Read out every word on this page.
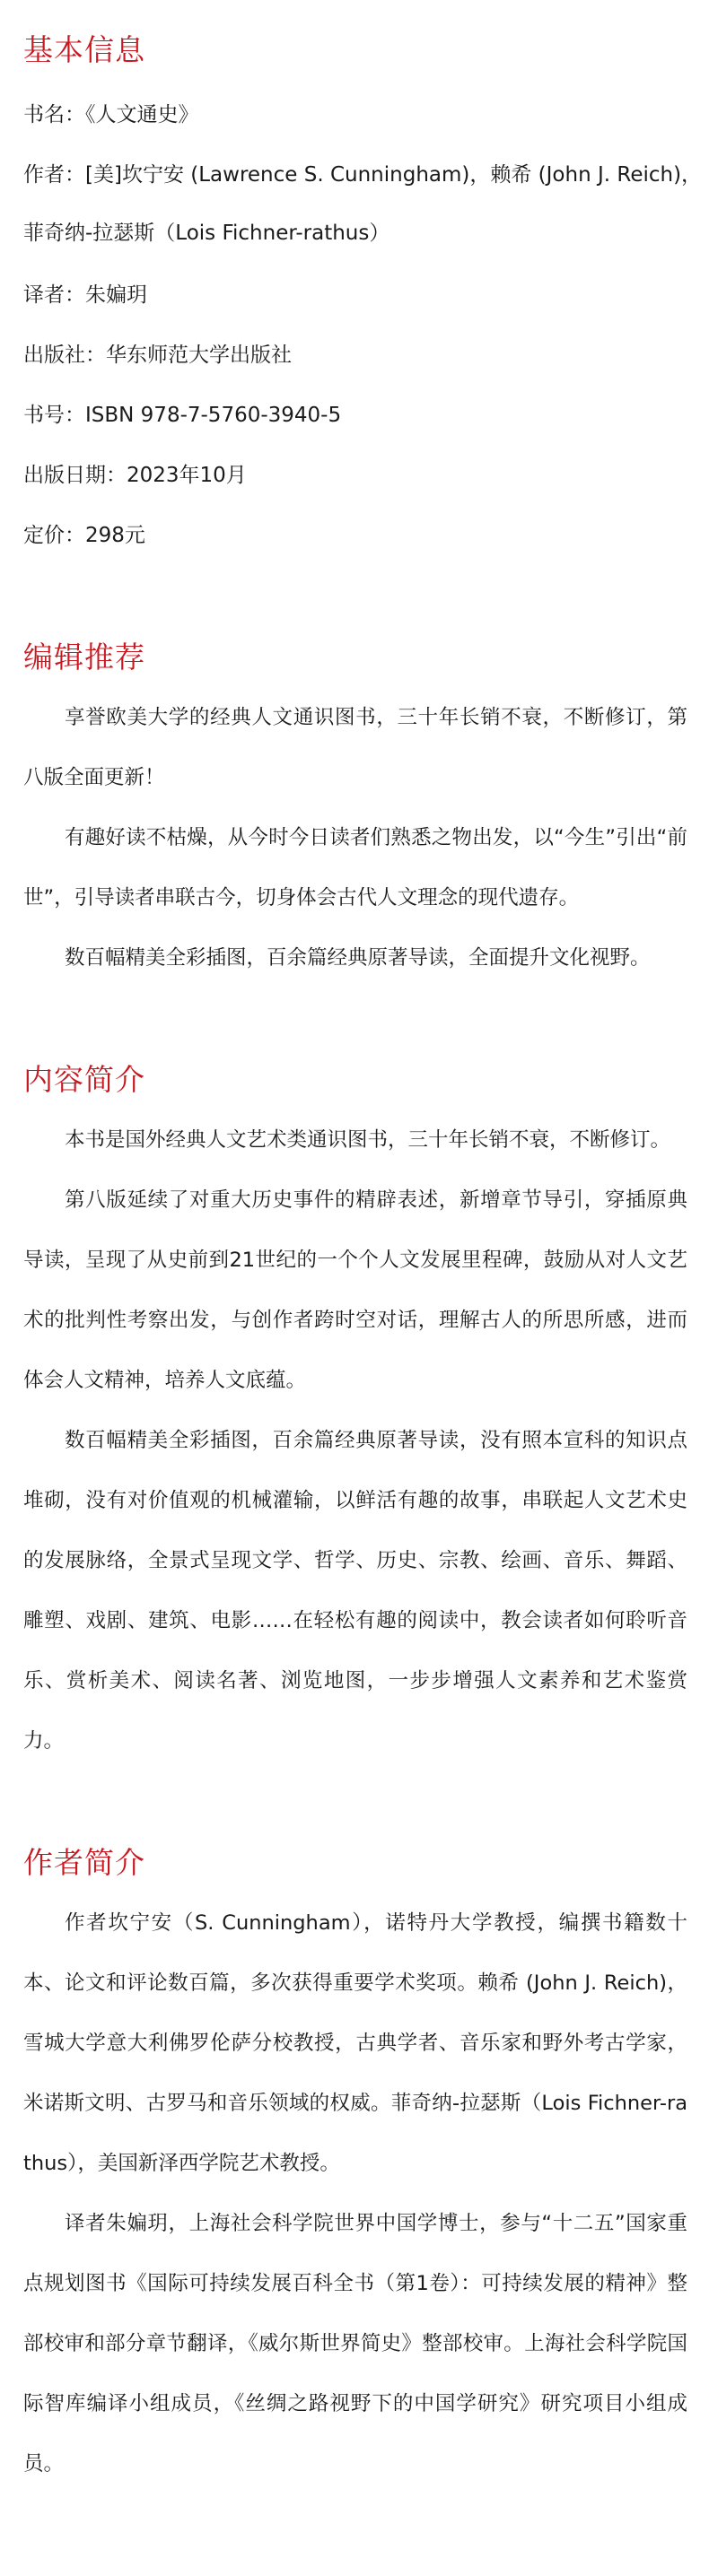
基本信息

书名：《人文通史》

作者：[美]坎宁安 (Lawrence S. Cunningham)，赖希 (John J. Reich)，

菲奇纳-拉瑟斯（Lois Fichner-rathus）

译者：朱媥玥

出版社：华东师范大学出版社

书号：ISBN 978-7-5760-3940-5

出版日期：2023年10月

定价：298元

编辑推荐

享誉欧美大学的经典人文通识图书，三十年长销不衰，不断修订，第八版全面更新！

有趣好读不枯燥，从今时今日读者们熟悉之物出发，以“今生”引出“前世”，引导读者串联古今，切身体会古代人文理念的现代遗存。

数百幅精美全彩插图，百余篇经典原著导读，全面提升文化视野。

内容简介

本书是国外经典人文艺术类通识图书，三十年长销不衰，不断修订。

第八版延续了对重大历史事件的精辟表述，新增章节导引，穿插原典导读，呈现了从史前到21世纪的一个个人文发展里程碑，鼓励从对人文艺术的批判性考察出发，与创作者跨时空对话，理解古人的所思所感，进而体会人文精神，培养人文底蕴。

数百幅精美全彩插图，百余篇经典原著导读，没有照本宣科的知识点堆砌，没有对价值观的机械灌输，以鲜活有趣的故事，串联起人文艺术史的发展脉络，全景式呈现文学、哲学、历史、宗教、绘画、音乐、舞蹈、雕塑、戏剧、建筑、电影……在轻松有趣的阅读中，教会读者如何聆听音乐、赏析美术、阅读名著、浏览地图，一步步增强人文素养和艺术鉴赏力。

作者简介

作者坎宁安（S. Cunningham），诺特丹大学教授，编撰书籍数十本、论文和评论数百篇，多次获得重要学术奖项。赖希 (John J. Reich)，雪城大学意大利佛罗伦萨分校教授，古典学者、音乐家和野外考古学家，米诺斯文明、古罗马和音乐领域的权威。菲奇纳-拉瑟斯（Lois Fichner-rathus），美国新泽西学院艺术教授。

译者朱媥玥，上海社会科学院世界中国学博士，参与“十二五”国家重点规划图书《国际可持续发展百科全书（第1卷）：可持续发展的精神》整部校审和部分章节翻译，《威尔斯世界简史》整部校审。上海社会科学院国际智库编译小组成员，《丝绸之路视野下的中国学研究》研究项目小组成员。
